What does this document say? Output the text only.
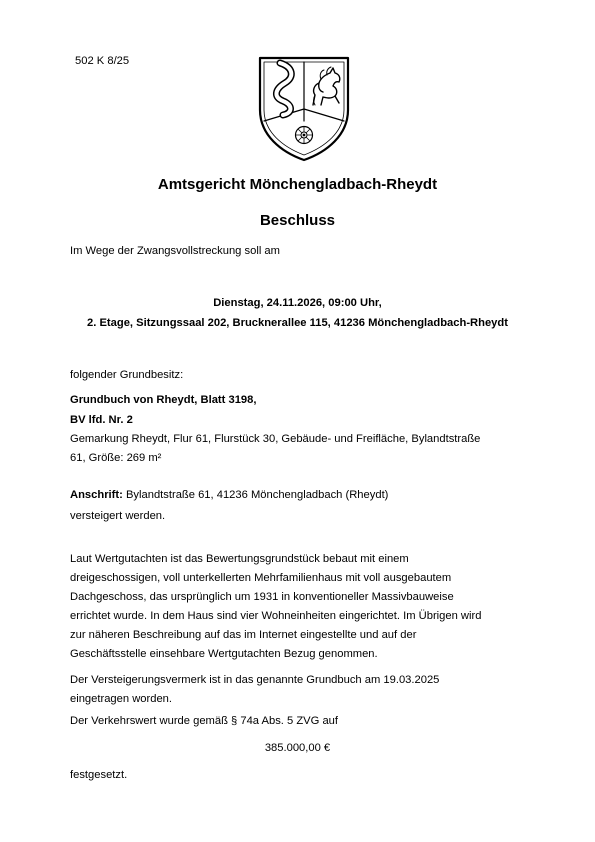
502 K 8/25
Amtsgericht Mönchengladbach-Rheydt
Beschluss
Im Wege der Zwangsvollstreckung soll am
Dienstag, 24.11.2026, 09:00 Uhr,
2. Etage, Sitzungssaal 202, Brucknerallee 115, 41236 Mönchengladbach-Rheydt
folgender Grundbesitz:
Grundbuch von Rheydt, Blatt 3198,
BV lfd. Nr. 2
Gemarkung Rheydt, Flur 61, Flurstück 30, Gebäude- und Freifläche, Bylandtstraße
61, Größe: 269 m²
Anschrift: Bylandtstraße 61, 41236 Mönchengladbach (Rheydt)
versteigert werden.
Laut Wertgutachten ist das Bewertungsgrundstück bebaut mit einem
dreigeschossigen, voll unterkellerten Mehrfamilienhaus mit voll ausgebautem
Dachgeschoss, das ursprünglich um 1931 in konventioneller Massivbauweise
errichtet wurde. In dem Haus sind vier Wohneinheiten eingerichtet. Im Übrigen wird
zur näheren Beschreibung auf das im Internet eingestellte und auf der
Geschäftsstelle einsehbare Wertgutachten Bezug genommen.
Der Versteigerungsvermerk ist in das genannte Grundbuch am 19.03.2025
eingetragen worden.
Der Verkehrswert wurde gemäß § 74a Abs. 5 ZVG auf
385.000,00 €
festgesetzt.
